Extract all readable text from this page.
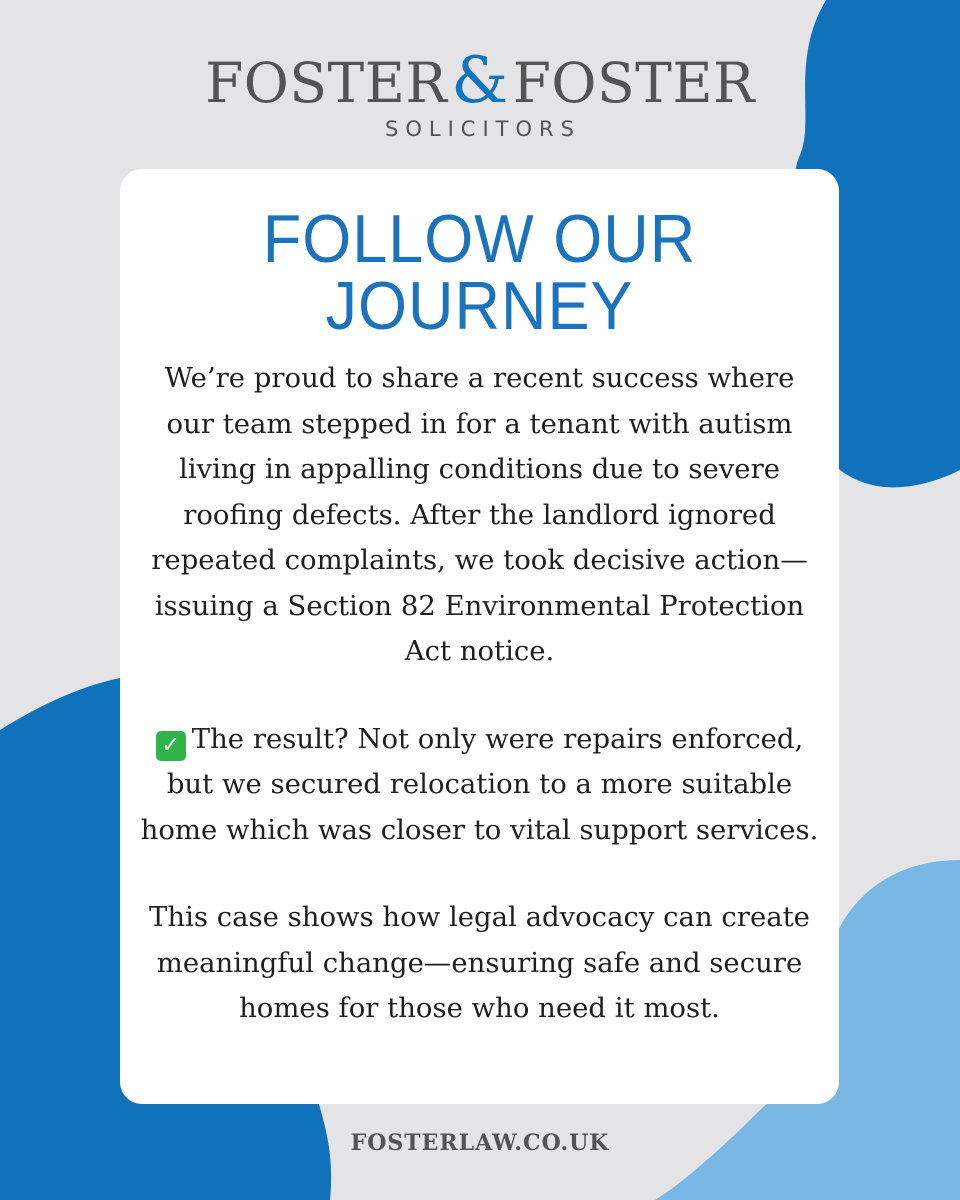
FOSTER&FOSTER
SOLICITORS
FOLLOW OUR
JOURNEY

We’re proud to share a recent success where our team stepped in for a tenant with autism living in appalling conditions due to severe roofing defects. After the landlord ignored repeated complaints, we took decisive action—issuing a Section 82 Environmental Protection Act notice.

✓ The result? Not only were repairs enforced, but we secured relocation to a more suitable home which was closer to vital support services.

This case shows how legal advocacy can create meaningful change—ensuring safe and secure homes for those who need it most.

FOSTERLAW.CO.UK
